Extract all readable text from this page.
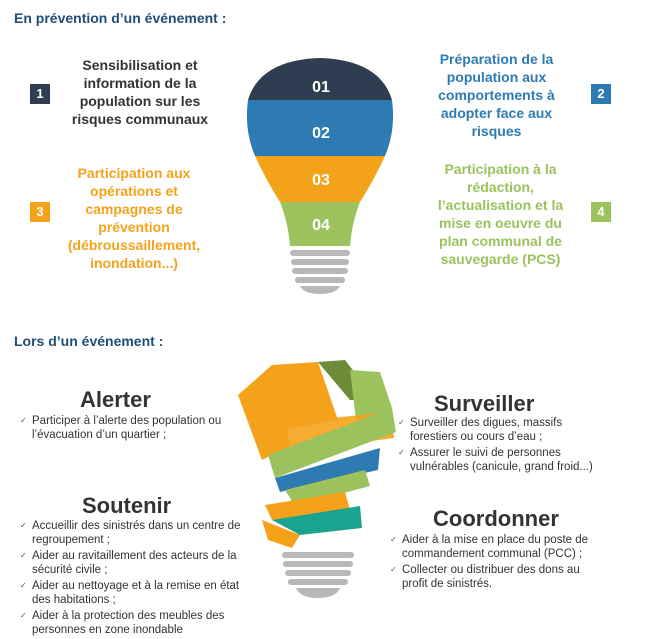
En prévention d’un événement :
01
02
03
04
1
Sensibilisation et
information de la
population sur les
risques communaux
2
Préparation de la
population aux
comportements à
adopter face aux
risques
3
Participation aux
opérations et
campagnes de
prévention
(débroussaillement,
inondation...)
4
Participation à la
rédaction,
l’actualisation et la
mise en oeuvre du
plan communal de
sauvegarde (PCS)
Lors d’un événement :
Alerter
✓ Participer à l’alerte des population ou l’évacuation d’un quartier ;
Surveiller
✓ Surveiller des digues, massifs forestiers ou cours d’eau ;
✓ Assurer le suivi de personnes vulnérables (canicule, grand froid...)
Soutenir
✓ Accueillir des sinistrés dans un centre de regroupement ;
✓ Aider au ravitaillement des acteurs de la sécurité civile ;
✓ Aider au nettoyage et à la remise en état des habitations ;
✓ Aider à la protection des meubles des personnes en zone inondable
Coordonner
✓ Aider à la mise en place du poste de commandement communal (PCC) ;
✓ Collecter ou distribuer des dons au profit de sinistrés.
